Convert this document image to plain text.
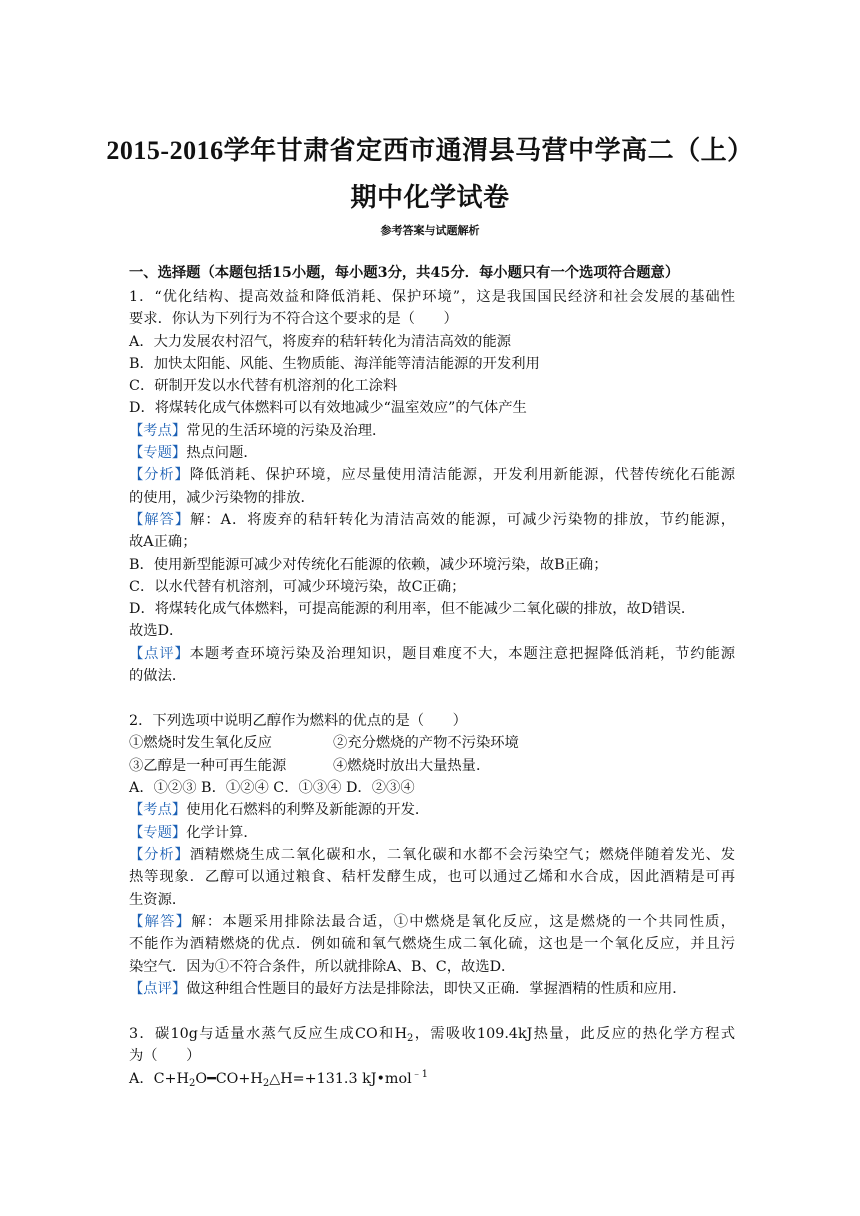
2015-2016学年甘肃省定西市通渭县马营中学高二（上）
期中化学试卷
参考答案与试题解析
一、选择题（本题包括15小题，每小题3分，共45分．每小题只有一个选项符合题意）
1．“优化结构、提高效益和降低消耗、保护环境”，这是我国国民经济和社会发展的基础性
要求．你认为下列行为不符合这个要求的是（　　）
A．大力发展农村沼气，将废弃的秸轩转化为清洁高效的能源
B．加快太阳能、风能、生物质能、海洋能等清洁能源的开发利用
C．研制开发以水代替有机溶剂的化工涂料
D．将煤转化成气体燃料可以有效地减少“温室效应”的气体产生
【考点】常见的生活环境的污染及治理．
【专题】热点问题．
【分析】降低消耗、保护环境，应尽量使用清洁能源，开发利用新能源，代替传统化石能源
的使用，减少污染物的排放．
【解答】解：A．将废弃的秸轩转化为清洁高效的能源，可减少污染物的排放，节约能源，
故A正确；
B．使用新型能源可减少对传统化石能源的依赖，减少环境污染，故B正确；
C．以水代替有机溶剂，可减少环境污染，故C正确；
D．将煤转化成气体燃料，可提高能源的利用率，但不能减少二氧化碳的排放，故D错误．
故选D．
【点评】本题考查环境污染及治理知识，题目难度不大，本题注意把握降低消耗，节约能源
的做法．
2．下列选项中说明乙醇作为燃料的优点的是（　　）
①燃烧时发生氧化反应	②充分燃烧的产物不污染环境
③乙醇是一种可再生能源	④燃烧时放出大量热量．
A．①②③ B．①②④ C．①③④ D．②③④
【考点】使用化石燃料的利弊及新能源的开发．
【专题】化学计算．
【分析】酒精燃烧生成二氧化碳和水，二氧化碳和水都不会污染空气；燃烧伴随着发光、发
热等现象．乙醇可以通过粮食、秸杆发酵生成，也可以通过乙烯和水合成，因此酒精是可再
生资源．
【解答】解：本题采用排除法最合适，①中燃烧是氧化反应，这是燃烧的一个共同性质，
不能作为酒精燃烧的优点．例如硫和氧气燃烧生成二氧化硫，这也是一个氧化反应，并且污
染空气．因为①不符合条件，所以就排除A、B、C，故选D．
【点评】做这种组合性题目的最好方法是排除法，即快又正确．掌握酒精的性质和应用．
3．碳10g与适量水蒸气反应生成CO和$H_2$，需吸收109.4kJ热量，此反应的热化学方程式
为（　　）
A．$C+H_2O━CO+H_2\triangle H=+131.3$ kJ•mol$^{﹣1}$
